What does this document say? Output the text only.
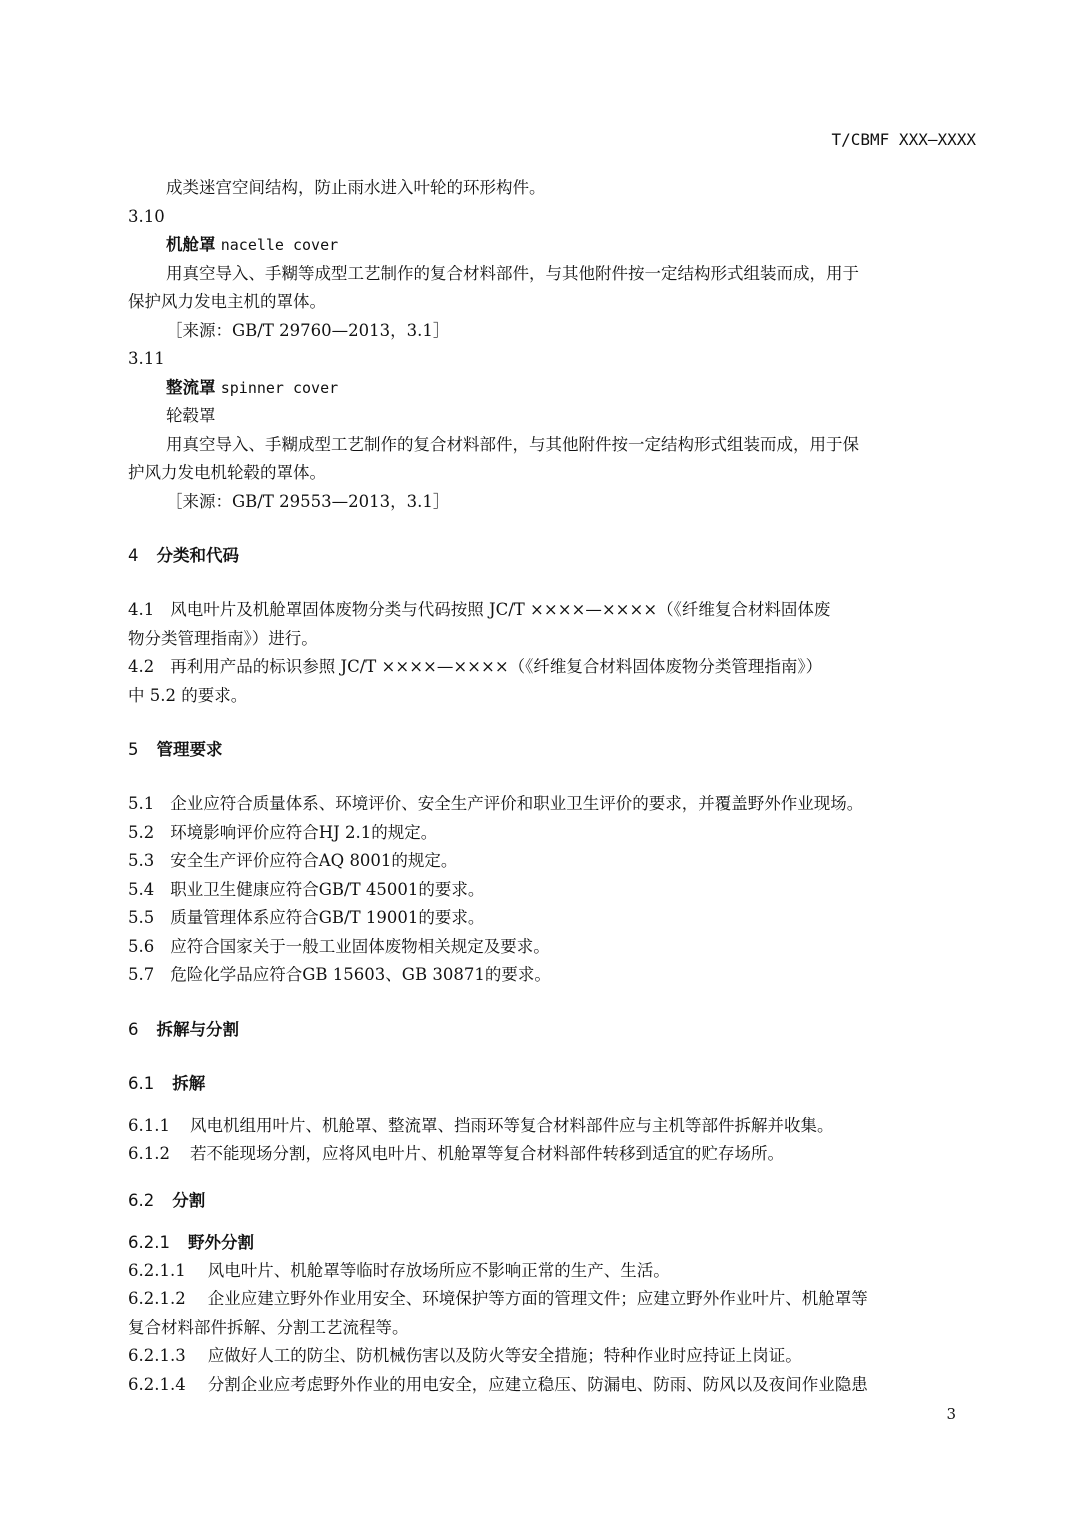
T/CBMF XXX—XXXX

成类迷宫空间结构，防止雨水进入叶轮的环形构件。

3.10

机舱罩 nacelle cover

用真空导入、手糊等成型工艺制作的复合材料部件，与其他附件按一定结构形式组装而成，用于

保护风力发电主机的罩体。

［来源：GB/T 29760—2013，3.1］

3.11

整流罩 spinner cover

轮毂罩

用真空导入、手糊成型工艺制作的复合材料部件，与其他附件按一定结构形式组装而成，用于保

护风力发电机轮毂的罩体。

［来源：GB/T 29553—2013，3.1］

4 分类和代码

4.1 风电叶片及机舱罩固体废物分类与代码按照 JC/T ××××—××××（《纤维复合材料固体废

物分类管理指南》）进行。

4.2 再利用产品的标识参照 JC/T ××××—××××（《纤维复合材料固体废物分类管理指南》）

中 5.2 的要求。

5 管理要求

5.1 企业应符合质量体系、环境评价、安全生产评价和职业卫生评价的要求，并覆盖野外作业现场。

5.2 环境影响评价应符合HJ 2.1的规定。

5.3 安全生产评价应符合AQ 8001的规定。

5.4 职业卫生健康应符合GB/T 45001的要求。

5.5 质量管理体系应符合GB/T 19001的要求。

5.6 应符合国家关于一般工业固体废物相关规定及要求。

5.7 危险化学品应符合GB 15603、GB 30871的要求。

6 拆解与分割

6.1 拆解

6.1.1 风电机组用叶片、机舱罩、整流罩、挡雨环等复合材料部件应与主机等部件拆解并收集。

6.1.2 若不能现场分割，应将风电叶片、机舱罩等复合材料部件转移到适宜的贮存场所。

6.2 分割

6.2.1 野外分割

6.2.1.1 风电叶片、机舱罩等临时存放场所应不影响正常的生产、生活。

6.2.1.2 企业应建立野外作业用安全、环境保护等方面的管理文件；应建立野外作业叶片、机舱罩等

复合材料部件拆解、分割工艺流程等。

6.2.1.3 应做好人工的防尘、防机械伤害以及防火等安全措施；特种作业时应持证上岗证。

6.2.1.4 分割企业应考虑野外作业的用电安全，应建立稳压、防漏电、防雨、防风以及夜间作业隐患

3
